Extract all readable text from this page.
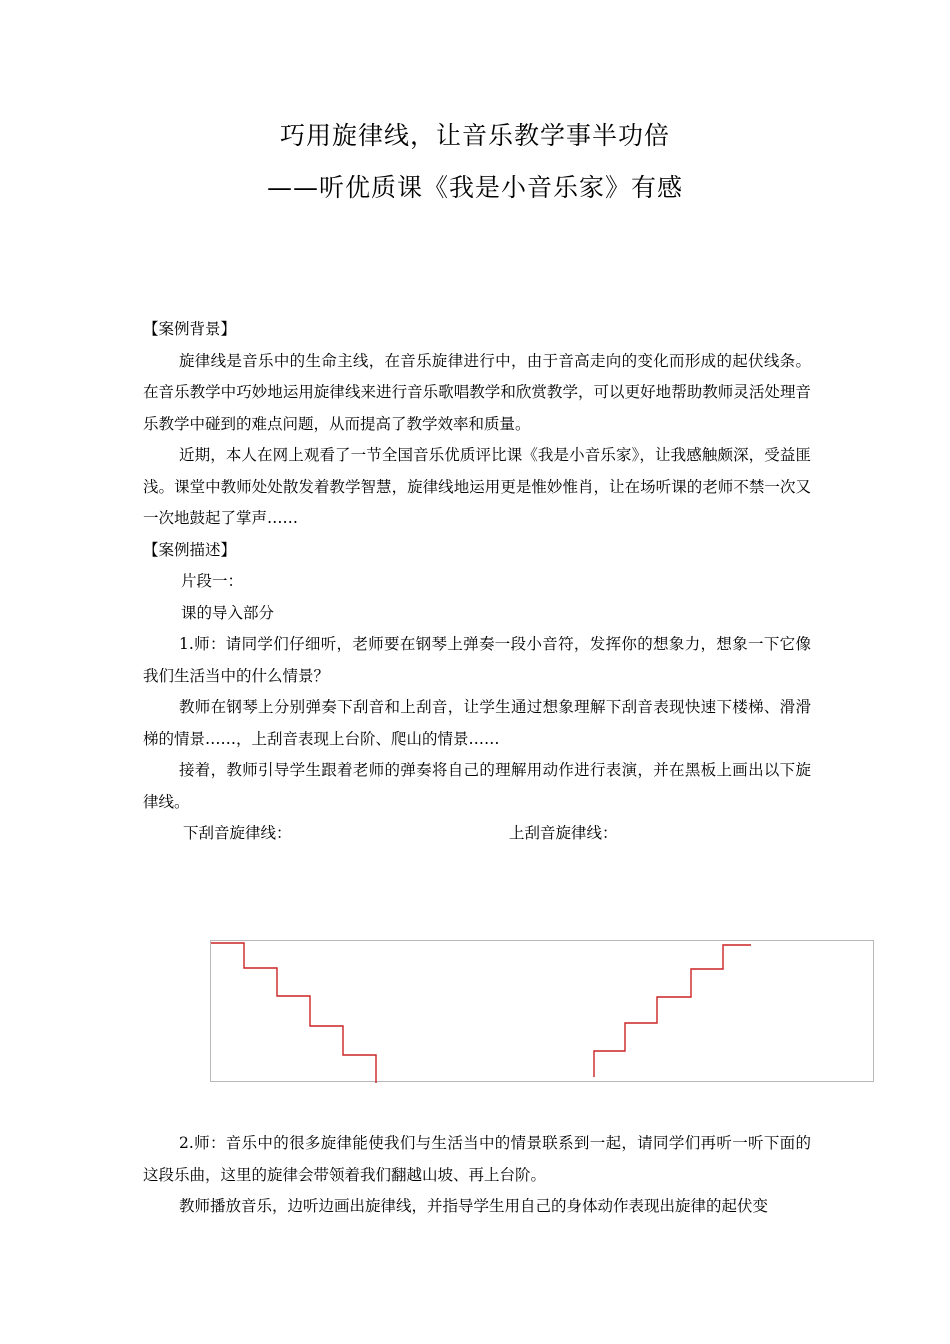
巧用旋律线，让音乐教学事半功倍
——听优质课《我是小音乐家》有感

【案例背景】

旋律线是音乐中的生命主线，在音乐旋律进行中，由于音高走向的变化而形成的起伏线条。在音乐教学中巧妙地运用旋律线来进行音乐歌唱教学和欣赏教学，可以更好地帮助教师灵活处理音乐教学中碰到的难点问题，从而提高了教学效率和质量。

近期，本人在网上观看了一节全国音乐优质评比课《我是小音乐家》，让我感触颇深，受益匪浅。课堂中教师处处散发着教学智慧，旋律线地运用更是惟妙惟肖，让在场听课的老师不禁一次又一次地鼓起了掌声……

【案例描述】

片段一：

课的导入部分

1.师：请同学们仔细听，老师要在钢琴上弹奏一段小音符，发挥你的想象力，想象一下它像我们生活当中的什么情景？

教师在钢琴上分别弹奏下刮音和上刮音，让学生通过想象理解下刮音表现快速下楼梯、滑滑梯的情景……，上刮音表现上台阶、爬山的情景……

接着，教师引导学生跟着老师的弹奏将自己的理解用动作进行表演，并在黑板上画出以下旋律线。

下刮音旋律线：	上刮音旋律线：

2.师：音乐中的很多旋律能使我们与生活当中的情景联系到一起，请同学们再听一听下面的这段乐曲，这里的旋律会带领着我们翻越山坡、再上台阶。

教师播放音乐，边听边画出旋律线，并指导学生用自己的身体动作表现出旋律的起伏变
